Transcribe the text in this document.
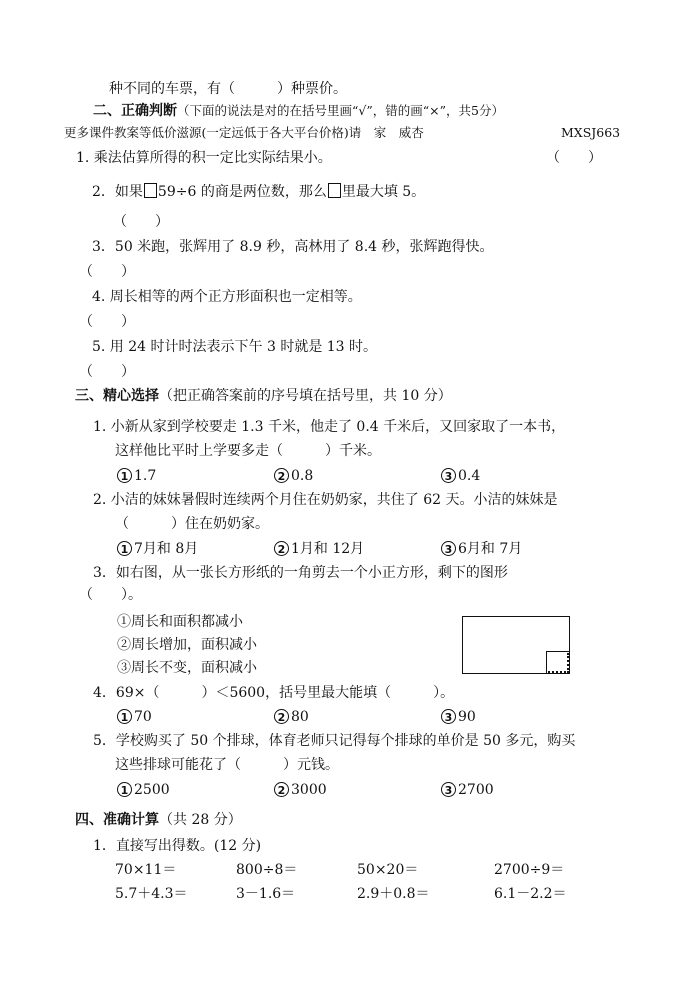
种不同的车票，有（　　　）种票价。
二、正确判断（下面的说法是对的在括号里画“√”，错的画“×”，共5分）
更多课件教案等低价滋源(一定远低于各大平台价格)请　家　威杏	MXSJ663
1. 乘法估算所得的积一定比实际结果小。	（　　）
2．如果 59÷6 的商是两位数，那么 里最大填 5。
（　　）
3．50 米跑，张辉用了 8.9 秒，高林用了 8.4 秒，张辉跑得快。
（　　）
4. 周长相等的两个正方形面积也一定相等。
（　　）
5. 用 24 时计时法表示下午 3 时就是 13 时。
（　　）
三、精心选择（把正确答案前的序号填在括号里，共 10 分）
1. 小新从家到学校要走 1.3 千米，他走了 0.4 千米后，又回家取了一本书，
这样他比平时上学要多走（　　　）千米。
1 1.7	2 0.8	3 0.4
2. 小洁的妹妹暑假时连续两个月住在奶奶家，共住了 62 天。小洁的妹妹是
（　　　）住在奶奶家。
1 7月和 8月	2 1月和 12月	3 6月和 7月
3．如右图，从一张长方形纸的一角剪去一个小正方形，剩下的图形
（　　）。
①周长和面积都减小
②周长增加，面积减小
③周长不变，面积减小
4．69×（　　　）＜5600，括号里最大能填（　　　）。
1 70	2 80	3 90
5．学校购买了 50 个排球，体育老师只记得每个排球的单价是 50 多元，购买
这些排球可能花了（　　　）元钱。
1 2500	2 3000	3 2700
四、准确计算（共 28 分）
1．直接写出得数。(12 分)
70×11＝	800÷8＝	50×20＝	2700÷9＝
5.7＋4.3＝	3－1.6＝	2.9＋0.8＝	6.1－2.2＝
